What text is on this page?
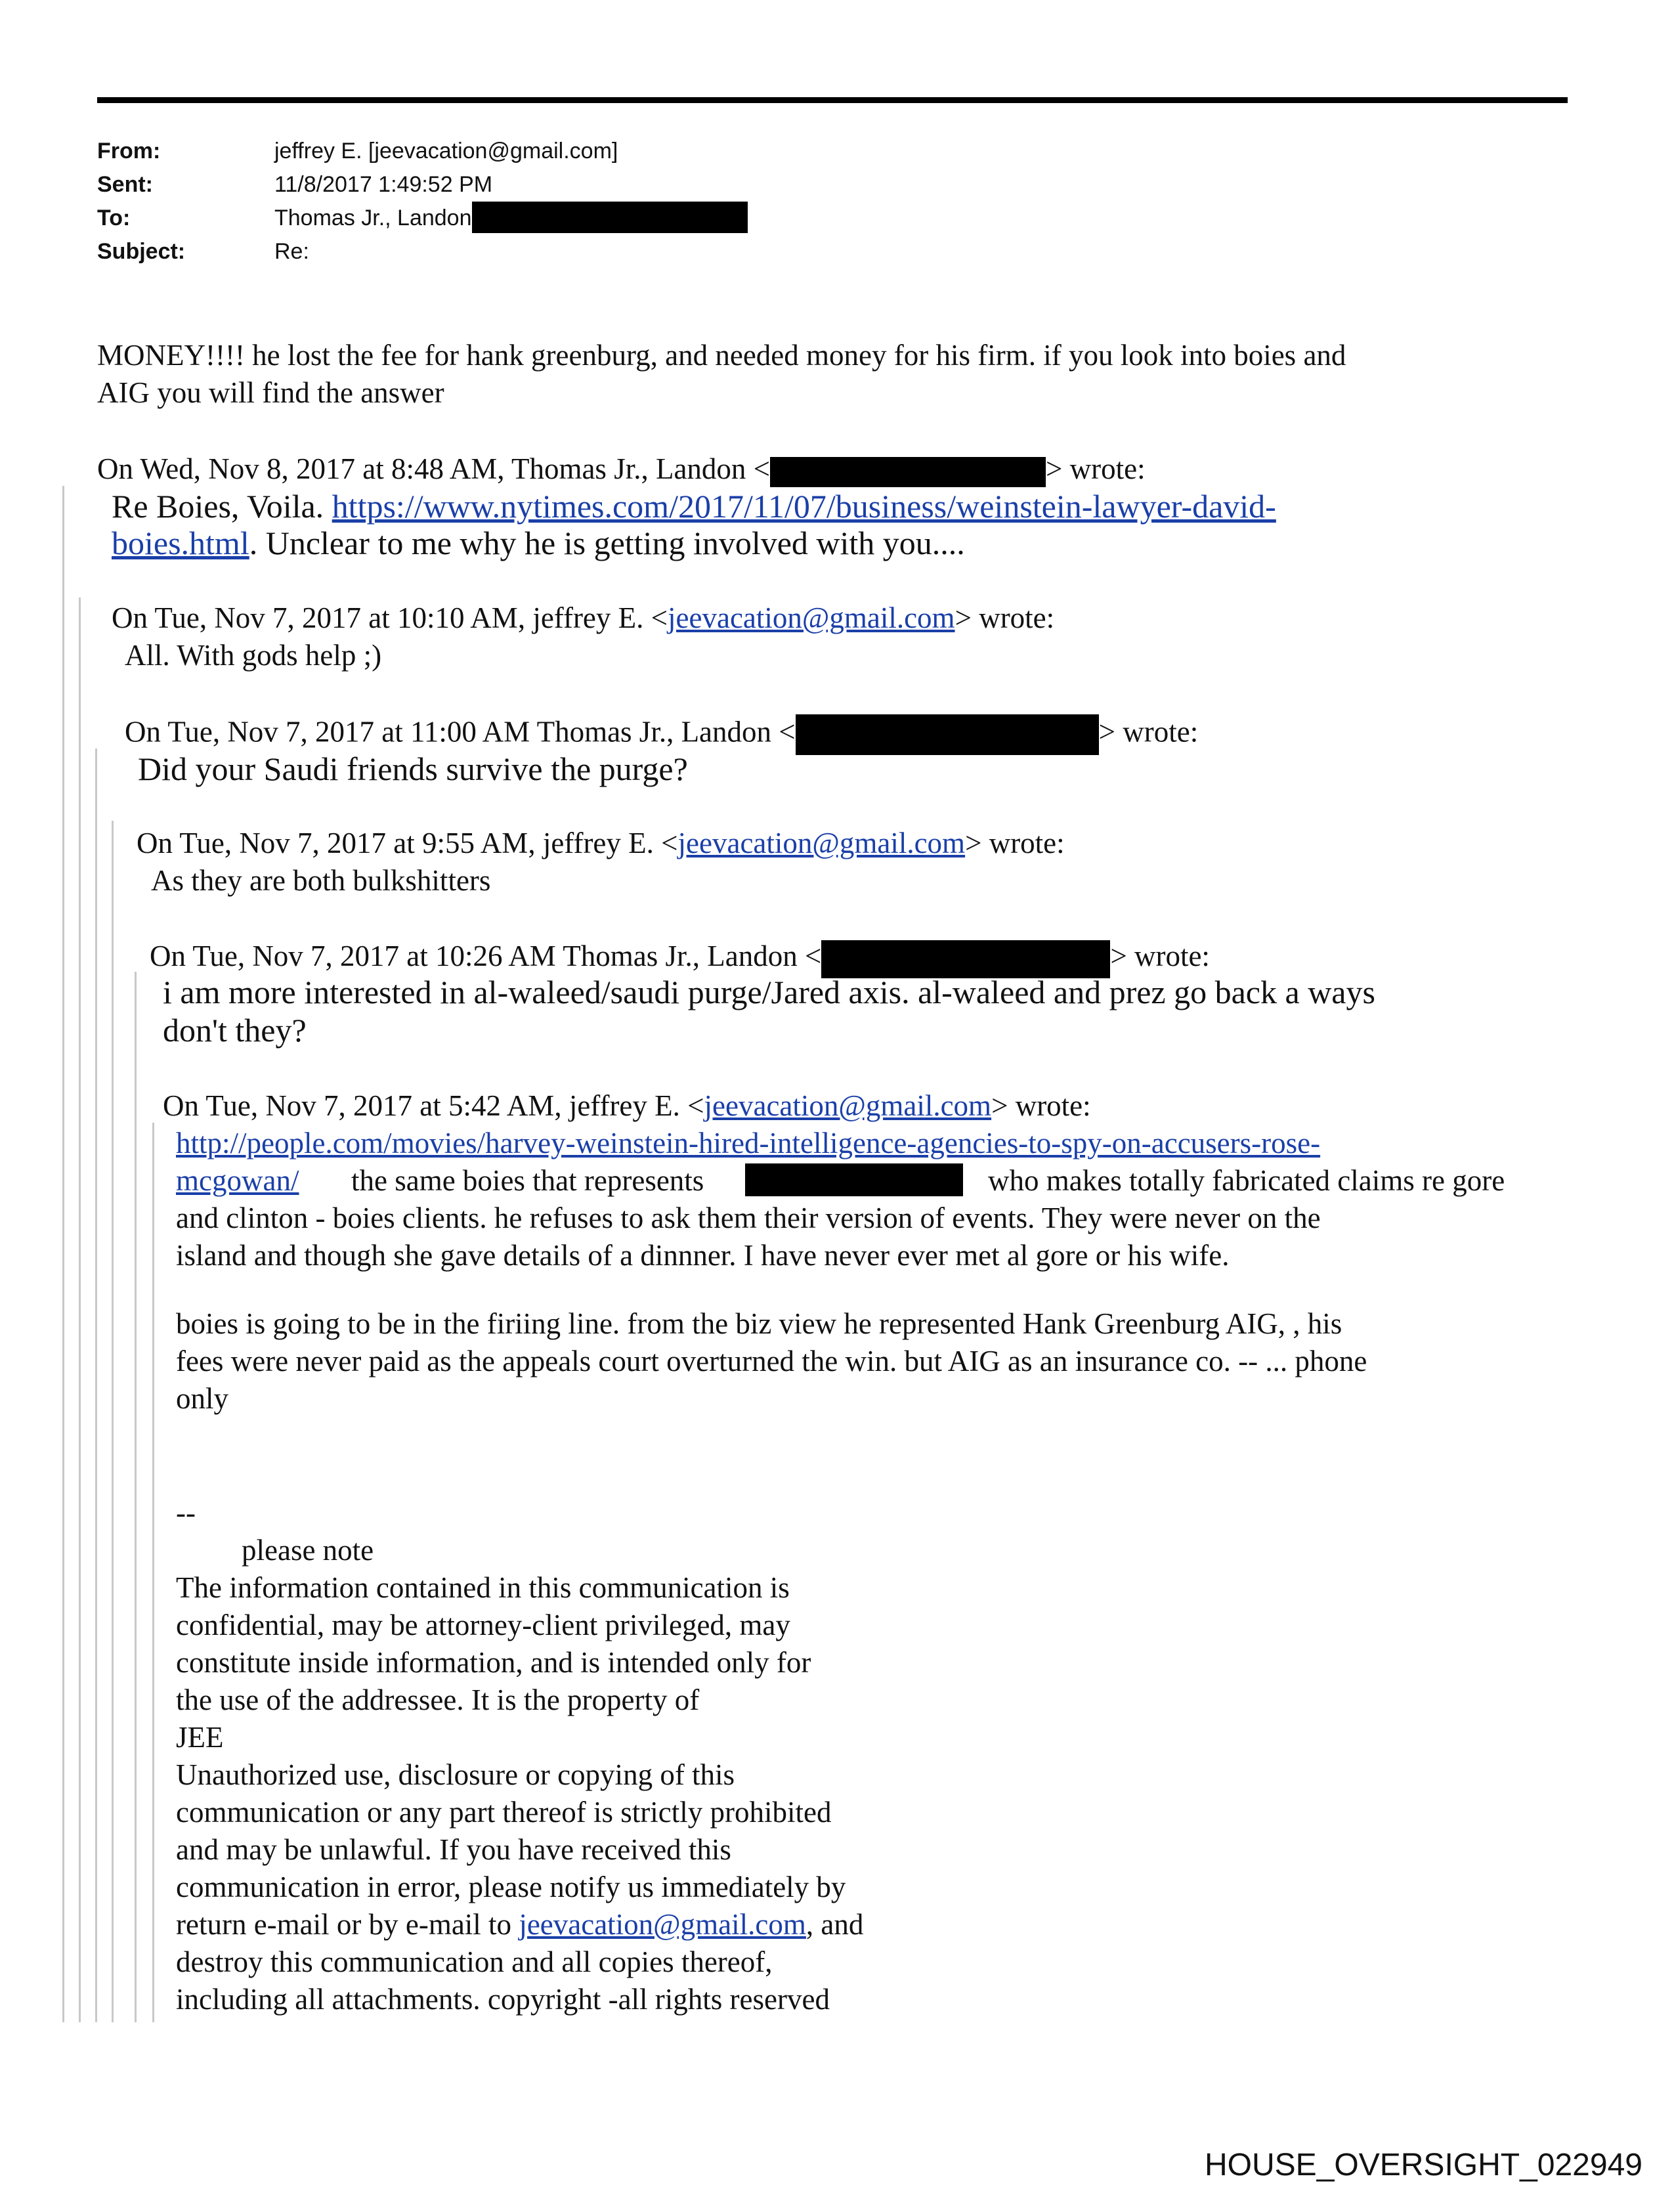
From:	jeffrey E. [jeevacation@gmail.com]
Sent:	11/8/2017 1:49:52 PM
To:	Thomas Jr., Landon
Subject:	Re:
MONEY!!!! he lost the fee for hank greenburg, and needed money for his firm. if you look into boies and
AIG you will find the answer
On Wed, Nov 8, 2017 at 8:48 AM, Thomas Jr., Landon <	> wrote:
Re Boies, Voila. https://www.nytimes.com/2017/11/07/business/weinstein-lawyer-david-
boies.html. Unclear to me why he is getting involved with you....
On Tue, Nov 7, 2017 at 10:10 AM, jeffrey E. <jeevacation@gmail.com> wrote:
All. With gods help ;)
On Tue, Nov 7, 2017 at 11:00 AM Thomas Jr., Landon <	> wrote:
Did your Saudi friends survive the purge?
On Tue, Nov 7, 2017 at 9:55 AM, jeffrey E. <jeevacation@gmail.com> wrote:
As they are both bulkshitters
On Tue, Nov 7, 2017 at 10:26 AM Thomas Jr., Landon <	> wrote:
i am more interested in al-waleed/saudi purge/Jared axis. al-waleed and prez go back a ways
don't they?
On Tue, Nov 7, 2017 at 5:42 AM, jeffrey E. <jeevacation@gmail.com> wrote:
http://people.com/movies/harvey-weinstein-hired-intelligence-agencies-to-spy-on-accusers-rose-
mcgowan/ the same boies that represents	who makes totally fabricated claims re gore
and clinton - boies clients. he refuses to ask them their version of events. They were never on the
island and though she gave details of a dinnner. I have never ever met al gore or his wife.
boies is going to be in the firiing line. from the biz view he represented Hank Greenburg AIG, , his
fees were never paid as the appeals court overturned the win. but AIG as an insurance co. -- ... phone
only
--
please note
The information contained in this communication is
confidential, may be attorney-client privileged, may
constitute inside information, and is intended only for
the use of the addressee. It is the property of
JEE
Unauthorized use, disclosure or copying of this
communication or any part thereof is strictly prohibited
and may be unlawful. If you have received this
communication in error, please notify us immediately by
return e-mail or by e-mail to jeevacation@gmail.com, and
destroy this communication and all copies thereof,
including all attachments. copyright -all rights reserved
HOUSE_OVERSIGHT_022949
